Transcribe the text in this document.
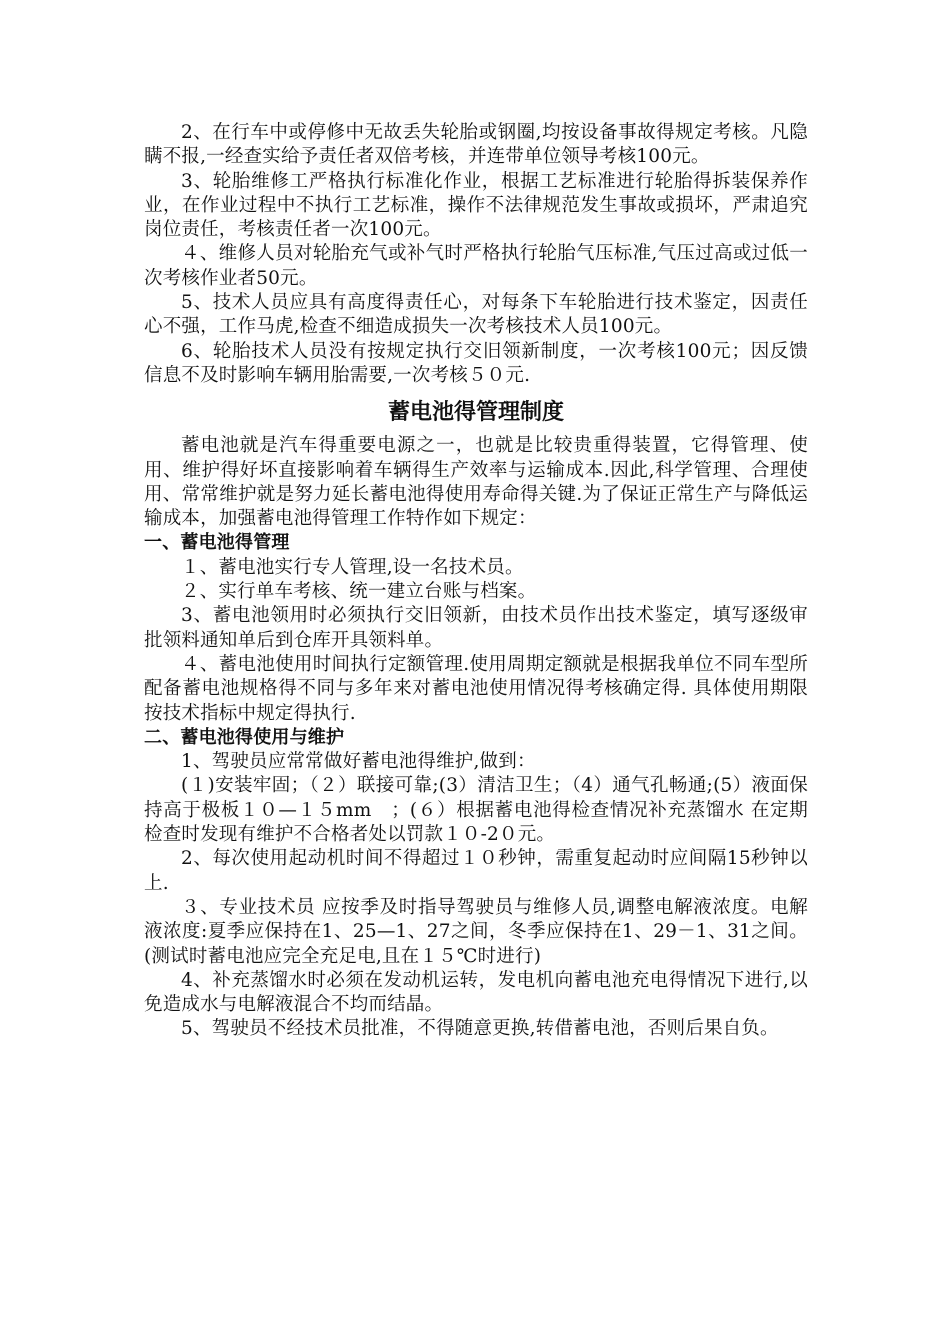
2、在行车中或停修中无故丢失轮胎或钢圈,均按设备事故得规定考核。凡隐瞒不报,一经查实给予责任者双倍考核，并连带单位领导考核100元。

3、轮胎维修工严格执行标准化作业，根据工艺标准进行轮胎得拆装保养作业，在作业过程中不执行工艺标准，操作不法律规范发生事故或损坏，严肃追究岗位责任，考核责任者一次100元。

４、维修人员对轮胎充气或补气时严格执行轮胎气压标准,气压过高或过低一次考核作业者50元。

5、技术人员应具有高度得责任心，对每条下车轮胎进行技术鉴定，因责任心不强，工作马虎,检查不细造成损失一次考核技术人员100元。

6、轮胎技术人员没有按规定执行交旧领新制度，一次考核100元；因反馈信息不及时影响车辆用胎需要,一次考核５０元.

蓄电池得管理制度

蓄电池就是汽车得重要电源之一，也就是比较贵重得装置，它得管理、使用、维护得好坏直接影响着车辆得生产效率与运输成本.因此,科学管理、合理使用、常常维护就是努力延长蓄电池得使用寿命得关键.为了保证正常生产与降低运输成本，加强蓄电池得管理工作特作如下规定：

一、蓄电池得管理

１、蓄电池实行专人管理,设一名技术员。

２、实行单车考核、统一建立台账与档案。

3、蓄电池领用时必须执行交旧领新，由技术员作出技术鉴定，填写逐级审批领料通知单后到仓库开具领料单。

４、蓄电池使用时间执行定额管理.使用周期定额就是根据我单位不同车型所配备蓄电池规格得不同与多年来对蓄电池使用情况得考核确定得. 具体使用期限按技术指标中规定得执行.

二、蓄电池得使用与维护

1、驾驶员应常常做好蓄电池得维护,做到：

(１)安装牢固；（２）联接可靠;(3）清洁卫生；（4）通气孔畅通;(5）液面保持高于极板１０—１５mm　；(６）根据蓄电池得检查情况补充蒸馏水 在定期检查时发现有维护不合格者处以罚款１０-2０元。

2、每次使用起动机时间不得超过１０秒钟，需重复起动时应间隔15秒钟以上.

３、专业技术员 应按季及时指导驾驶员与维修人员,调整电解液浓度。电解液浓度:夏季应保持在1、25—1、27之间，冬季应保持在1、29－1、31之间。(测试时蓄电池应完全充足电,且在１５℃时进行)

4、补充蒸馏水时必须在发动机运转，发电机向蓄电池充电得情况下进行,以免造成水与电解液混合不均而结晶。

5、驾驶员不经技术员批准，不得随意更换,转借蓄电池，否则后果自负。
